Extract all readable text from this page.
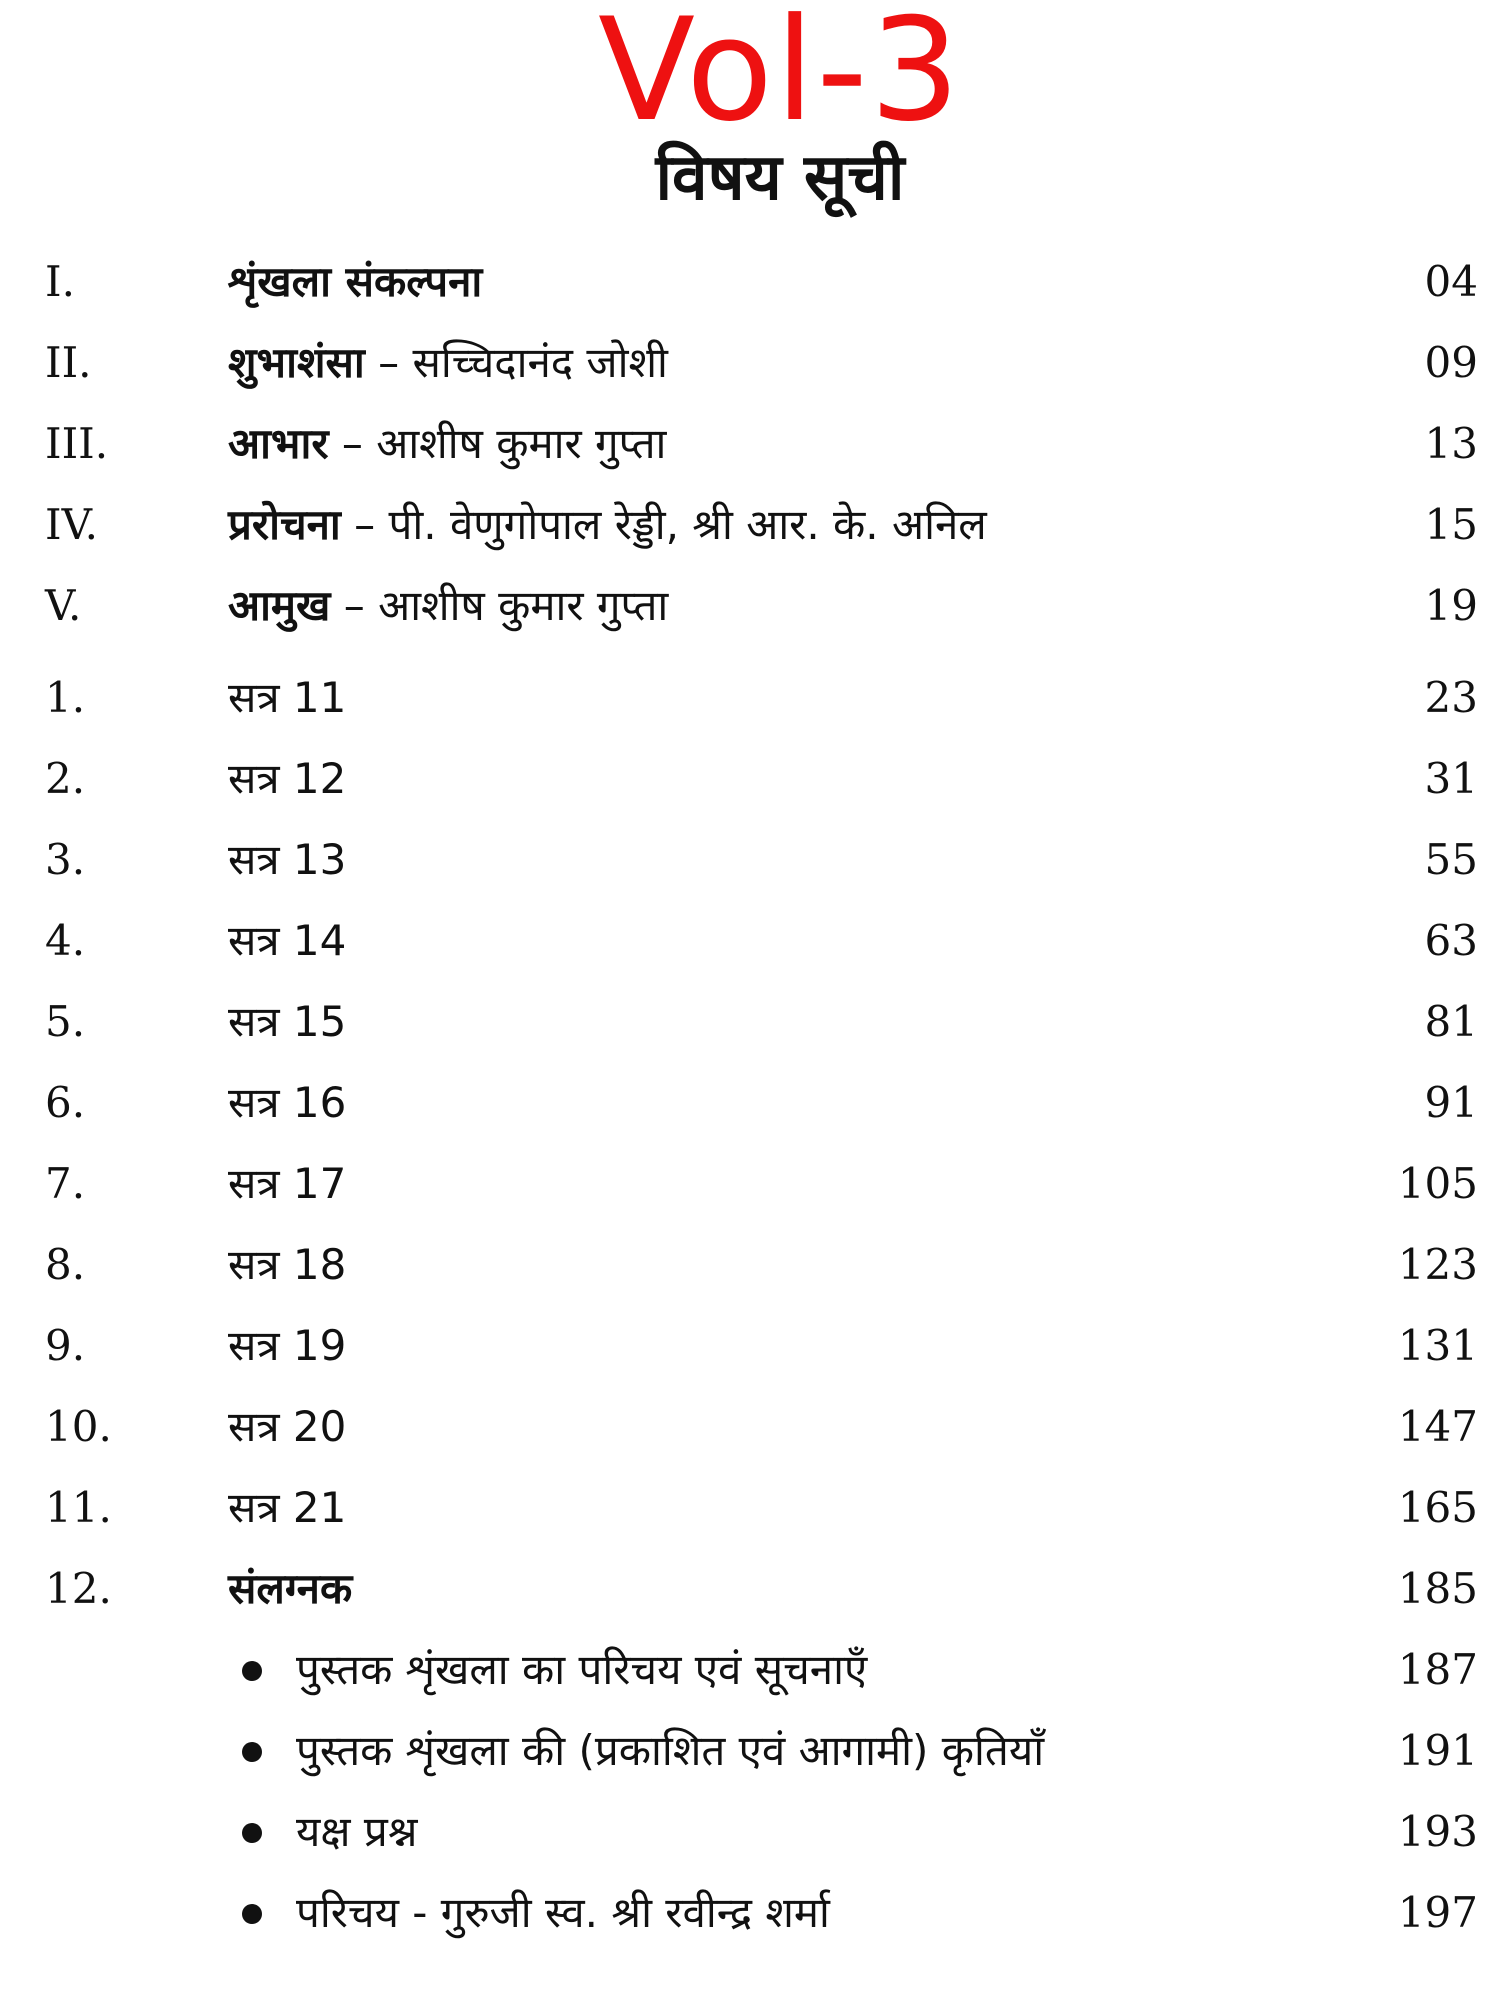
Vol-3
विषय सूची
I.	शृंखला संकल्पना	04
II.	शुभाशंसा – सच्चिदानंद जोशी	09
III.	आभार – आशीष कुमार गुप्ता	13
IV.	प्ररोचना – पी. वेणुगोपाल रेड्डी, श्री आर. के. अनिल	15
V.	आमुख – आशीष कुमार गुप्ता	19
1.	सत्र 11	23
2.	सत्र 12	31
3.	सत्र 13	55
4.	सत्र 14	63
5.	सत्र 15	81
6.	सत्र 16	91
7.	सत्र 17	105
8.	सत्र 18	123
9.	सत्र 19	131
10.	सत्र 20	147
11.	सत्र 21	165
12.	संलग्नक	185
पुस्तक शृंखला का परिचय एवं सूचनाएँ	187
पुस्तक शृंखला की (प्रकाशित एवं आगामी) कृतियाँ	191
यक्ष प्रश्न	193
परिचय - गुरुजी स्व. श्री रवीन्द्र शर्मा	197
